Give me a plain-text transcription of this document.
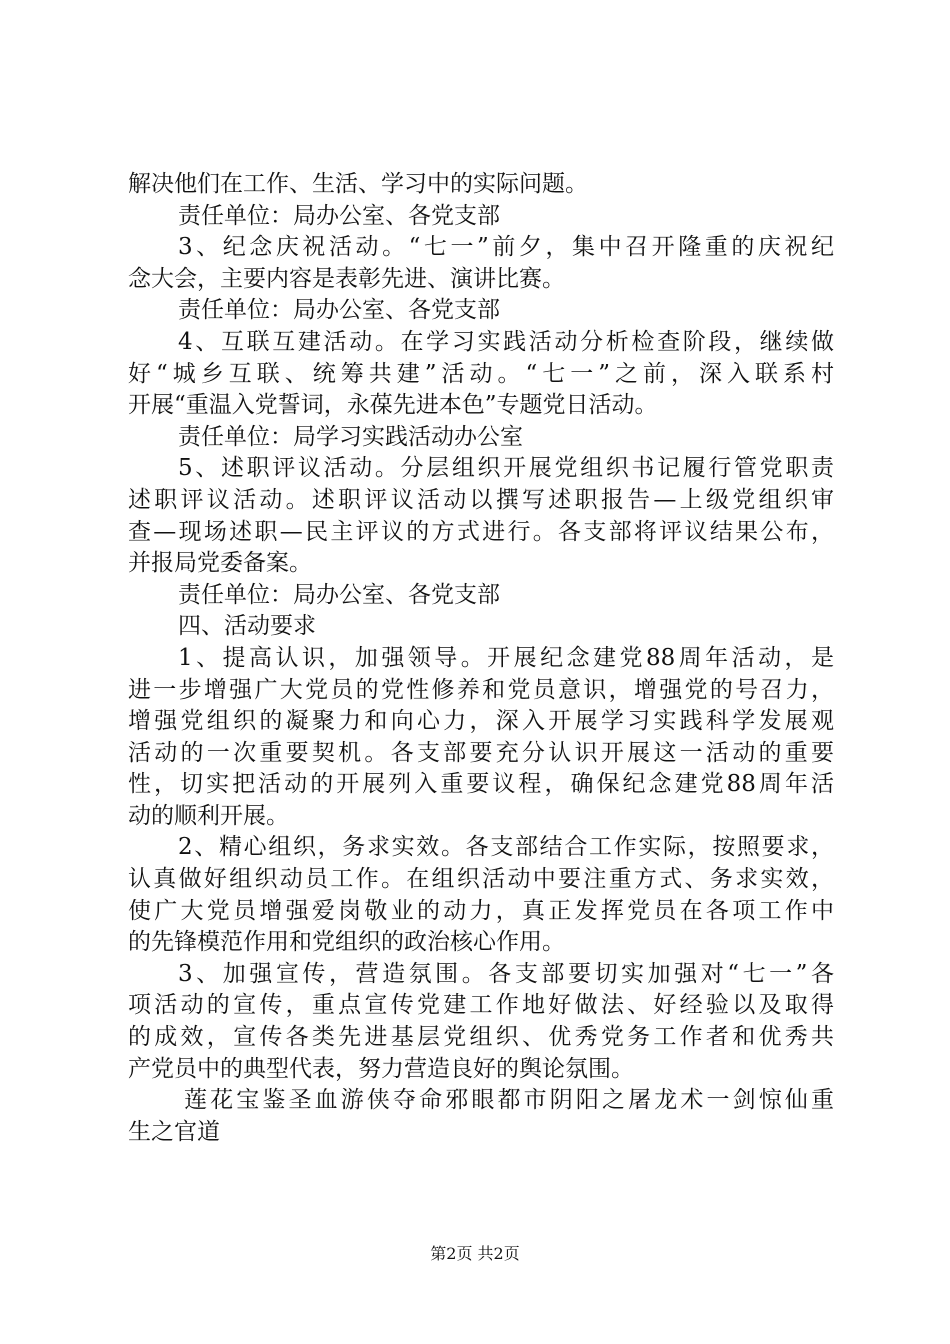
解决他们在工作、生活、学习中的实际问题。
责任单位：局办公室、各党支部
3、纪念庆祝活动。“七一”前夕，集中召开隆重的庆祝纪
念大会，主要内容是表彰先进、演讲比赛。
责任单位：局办公室、各党支部
4、互联互建活动。在学习实践活动分析检查阶段，继续做
好“城乡互联、统筹共建”活动。“七一”之前，深入联系村
开展“重温入党誓词，永葆先进本色”专题党日活动。
责任单位：局学习实践活动办公室
5、述职评议活动。分层组织开展党组织书记履行管党职责
述职评议活动。述职评议活动以撰写述职报告—上级党组织审
查—现场述职—民主评议的方式进行。各支部将评议结果公布，
并报局党委备案。
责任单位：局办公室、各党支部
四、活动要求
1、提高认识，加强领导。开展纪念建党88周年活动，是
进一步增强广大党员的党性修养和党员意识，增强党的号召力，
增强党组织的凝聚力和向心力，深入开展学习实践科学发展观
活动的一次重要契机。各支部要充分认识开展这一活动的重要
性，切实把活动的开展列入重要议程，确保纪念建党88周年活
动的顺利开展。
2、精心组织，务求实效。各支部结合工作实际，按照要求，
认真做好组织动员工作。在组织活动中要注重方式、务求实效，
使广大党员增强爱岗敬业的动力，真正发挥党员在各项工作中
的先锋模范作用和党组织的政治核心作用。
3、加强宣传，营造氛围。各支部要切实加强对“七一”各
项活动的宣传，重点宣传党建工作地好做法、好经验以及取得
的成效，宣传各类先进基层党组织、优秀党务工作者和优秀共
产党员中的典型代表，努力营造良好的舆论氛围。
莲花宝鉴圣血游侠夺命邪眼都市阴阳之屠龙术一剑惊仙重
生之官道
第2页 共2页
